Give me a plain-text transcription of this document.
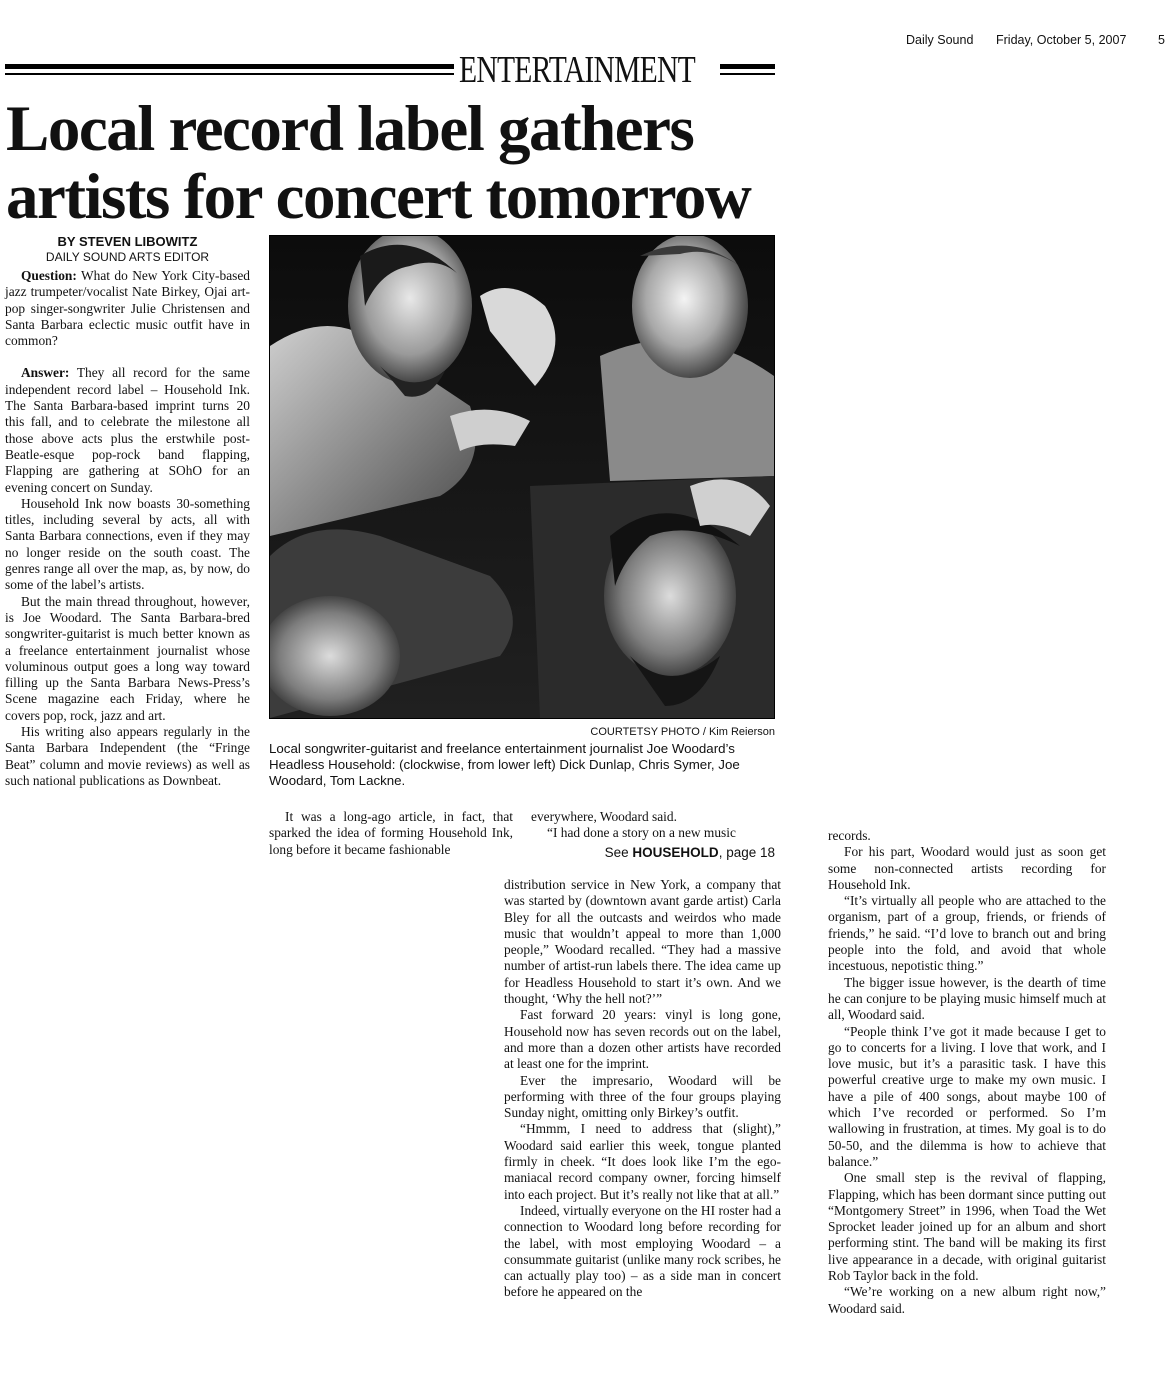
Daily Sound Friday, October 5, 2007	5
ENTERTAINMENT
Local record label gathers
artists for concert tomorrow
BY STEVEN LIBOWITZ
DAILY SOUND ARTS EDITOR

Question: What do New York City-based jazz trumpeter/vocalist Nate Birkey, Ojai art-pop singer-songwriter Julie Christensen and Santa Barbara eclectic music outfit have in common?

Answer: They all record for the same independent record label – Household Ink. The Santa Barbara-based imprint turns 20 this fall, and to celebrate the milestone all those above acts plus the erstwhile post-Beatle-esque pop-rock band flapping, Flapping are gathering at SOhO for an evening concert on Sunday.

Household Ink now boasts 30-something titles, including several by acts, all with Santa Barbara connections, even if they may no longer reside on the south coast. The genres range all over the map, as, by now, do some of the label’s artists.

But the main thread throughout, however, is Joe Woodard. The Santa Barbara-bred songwriter-guitarist is much better known as a freelance entertainment journalist whose voluminous output goes a long way toward filling up the Santa Barbara News-Press’s Scene magazine each Friday, where he covers pop, rock, jazz and art.

His writing also appears regularly in the Santa Barbara Independent (the “Fringe Beat” column and movie reviews) as well as such national publications as Downbeat.

COURTETSY PHOTO / Kim Reierson
Local songwriter-guitarist and freelance entertainment journalist Joe Woodard’s Headless Household: (clockwise, from lower left) Dick Dunlap, Chris Symer, Joe Woodard, Tom Lackne.

It was a long-ago article, in fact, that sparked the idea of forming Household Ink, long before it became fashionable

everywhere, Woodard said.

“I had done a story on a new music

See HOUSEHOLD, page 18

distribution service in New York, a company that was started by (downtown avant garde artist) Carla Bley for all the outcasts and weirdos who made music that wouldn’t appeal to more than 1,000 people,” Woodard recalled. “They had a massive number of artist-run labels there. The idea came up for Headless Household to start it’s own. And we thought, ‘Why the hell not?’”

Fast forward 20 years: vinyl is long gone, Household now has seven records out on the label, and more than a dozen other artists have recorded at least one for the imprint.

Ever the impresario, Woodard will be performing with three of the four groups playing Sunday night, omitting only Birkey’s outfit.

“Hmmm, I need to address that (slight),” Woodard said earlier this week, tongue planted firmly in cheek. “It does look like I’m the ego-maniacal record company owner, forcing himself into each project. But it’s really not like that at all.”

Indeed, virtually everyone on the HI roster had a connection to Woodard long before recording for the label, with most employing Woodard – a consummate guitarist (unlike many rock scribes, he can actually play too) – as a side man in concert before he appeared on the

records.

For his part, Woodard would just as soon get some non-connected artists recording for Household Ink.

“It’s virtually all people who are attached to the organism, part of a group, friends, or friends of friends,” he said. “I’d love to branch out and bring people into the fold, and avoid that whole incestuous, nepotistic thing.”

The bigger issue however, is the dearth of time he can conjure to be playing music himself much at all, Woodard said.

“People think I’ve got it made because I get to go to concerts for a living. I love that work, and I love music, but it’s a parasitic task. I have this powerful creative urge to make my own music. I have a pile of 400 songs, about maybe 100 of which I’ve recorded or performed. So I’m wallowing in frustration, at times. My goal is to do 50-50, and the dilemma is how to achieve that balance.”

One small step is the revival of flapping, Flapping, which has been dormant since putting out “Montgomery Street” in 1996, when Toad the Wet Sprocket leader joined up for an album and short performing stint. The band will be making its first live appearance in a decade, with original guitarist Rob Taylor back in the fold.

“We’re working on a new album right now,” Woodard said.
